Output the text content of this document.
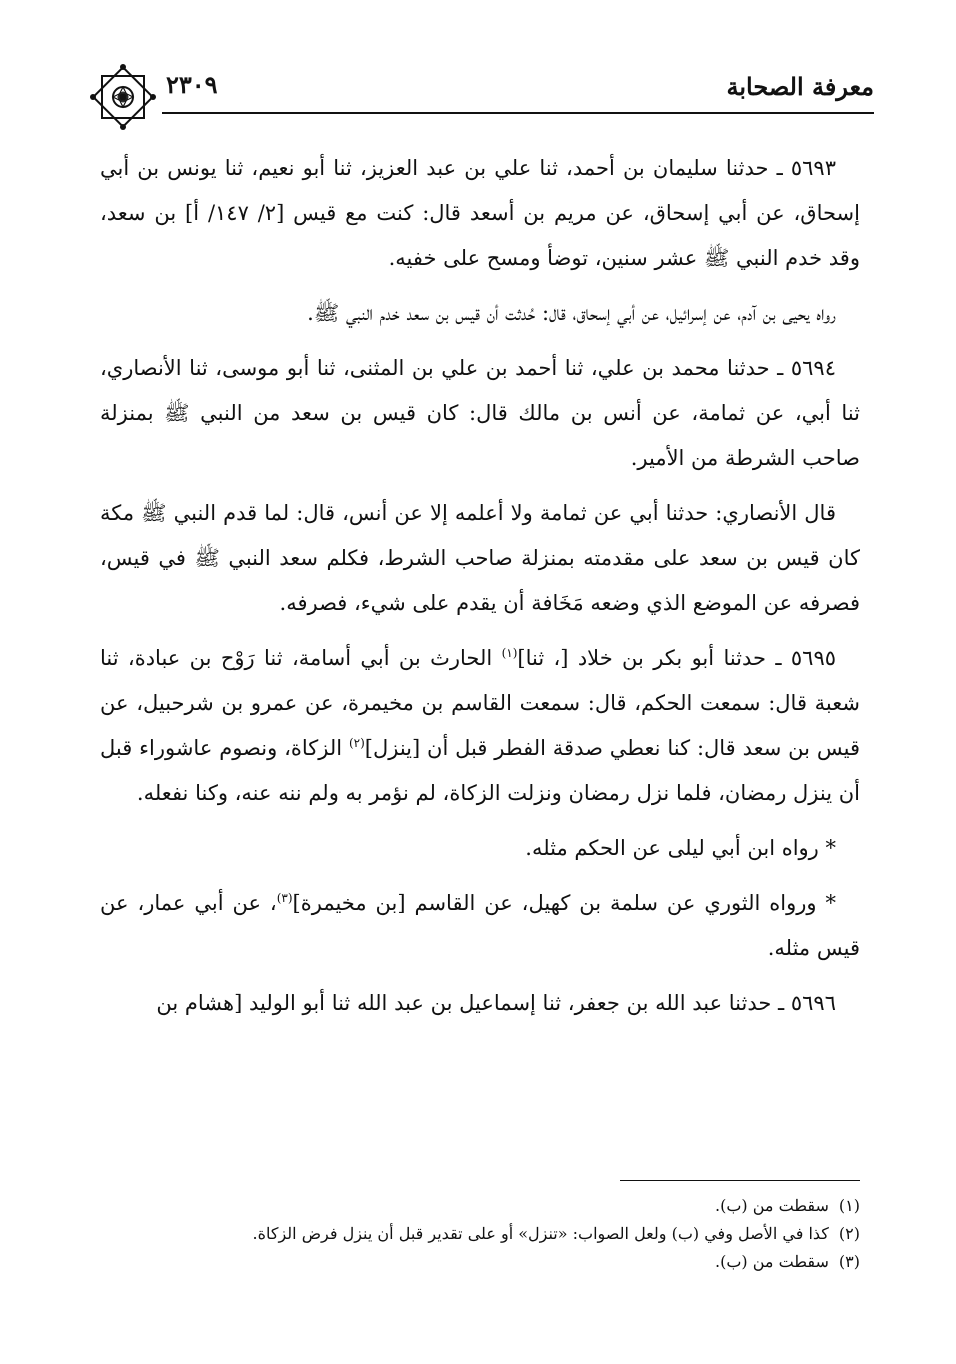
معرفة الصحابة
٢٣٠٩

٥٦٩٣ ـ حدثنا سليمان بن أحمد، ثنا علي بن عبد العزيز، ثنا أبو نعيم، ثنا يونس بن أبي إسحاق، عن أبي إسحاق، عن مريم بن أسعد قال: كنت مع قيس [٢/ ١٤٧/ أ] بن سعد، وقد خدم النبي ﷺ عشر سنين، توضأ ومسح على خفيه.

رواه يحيى بن آدم، عن إسرائيل، عن أبي إسحاق، قال: حُدثت أن قيس بن سعد خدم النبي ﷺ.

٥٦٩٤ ـ حدثنا محمد بن علي، ثنا أحمد بن علي بن المثنى، ثنا أبو موسى، ثنا الأنصاري، ثنا أبي، عن ثمامة، عن أنس بن مالك قال: كان قيس بن سعد من النبي ﷺ بمنزلة صاحب الشرطة من الأمير.

قال الأنصاري: حدثنا أبي عن ثمامة ولا أعلمه إلا عن أنس، قال: لما قدم النبي ﷺ مكة كان قيس بن سعد على مقدمته بمنزلة صاحب الشرط، فكلم سعد النبي ﷺ في قيس، فصرفه عن الموضع الذي وضعه مَخَافة أن يقدم على شيء، فصرفه.

٥٦٩٥ ـ حدثنا أبو بكر بن خلاد [، ثنا]$^{(١)}$ الحارث بن أبي أسامة، ثنا رَوْح بن عبادة، ثنا شعبة قال: سمعت الحكم، قال: سمعت القاسم بن مخيمرة، عن عمرو بن شرحبيل، عن قيس بن سعد قال: كنا نعطي صدقة الفطر قبل أن [ينزل]$^{(٢)}$ الزكاة، ونصوم عاشوراء قبل أن ينزل رمضان، فلما نزل رمضان ونزلت الزكاة، لم نؤمر به ولم ننه عنه، وكنا نفعله.

* رواه ابن أبي ليلى عن الحكم مثله.

* ورواه الثوري عن سلمة بن كهيل، عن القاسم [بن مخيمرة]$^{(٣)}$، عن أبي عمار، عن قيس مثله.

٥٦٩٦ ـ حدثنا عبد الله بن جعفر، ثنا إسماعيل بن عبد الله ثنا أبو الوليد [هشام بن

(١)سقطت من (ب).

(٢)كذا في الأصل وفي (ب) ولعل الصواب: «تنزل» أو على تقدير قبل أن ينزل فرض الزكاة.

(٣)سقطت من (ب).
